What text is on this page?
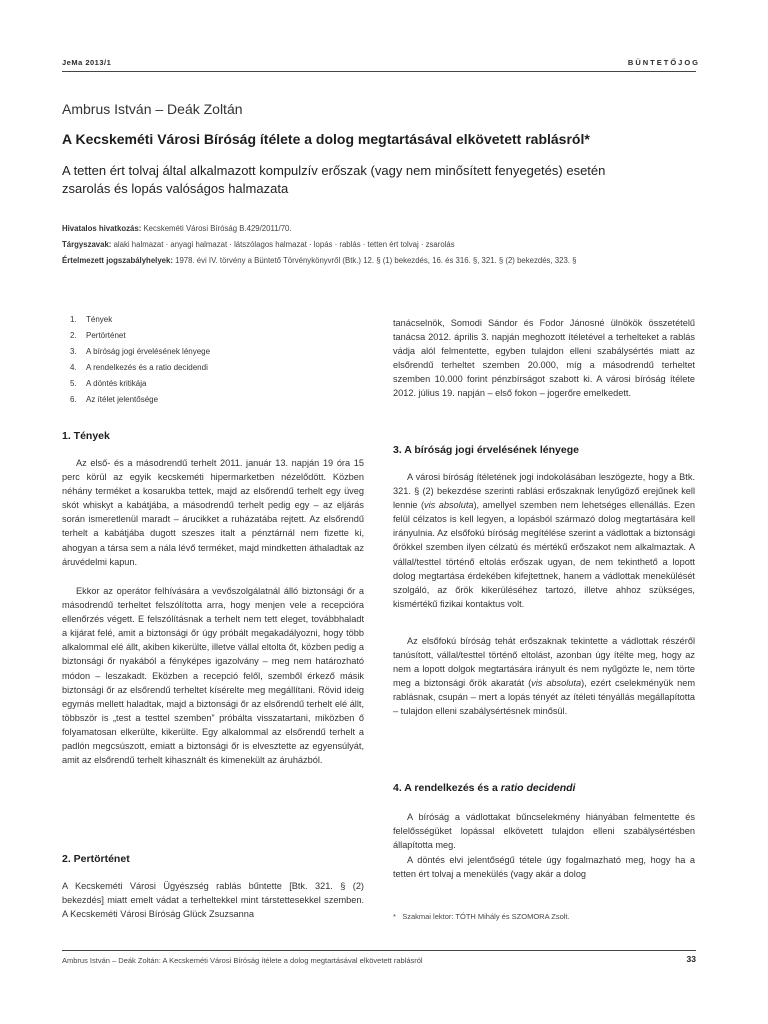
JeMa 2013/1	BÜNTETŐJOG
Ambrus István – Deák Zoltán
A Kecskeméti Városi Bíróság ítélete a dolog megtartásával elkövetett rablásról*
A tetten ért tolvaj által alkalmazott kompulzív erőszak (vagy nem minősített fenyegetés) esetén zsarolás és lopás valóságos halmazata
Hivatalos hivatkozás: Kecskeméti Városi Bíróság B.429/2011/70.
Tárgyszavak: alaki halmazat · anyagi halmazat · látszólagos halmazat · lopás · rablás · tetten ért tolvaj · zsarolás
Értelmezett jogszabályhelyek: 1978. évi IV. törvény a Büntető Törvénykönyvről (Btk.) 12. § (1) bekezdés, 16. és 316. §, 321. § (2) bekezdés, 323. §
1. Tények
2. Pertörténet
3. A bíróság jogi érvelésének lényege
4. A rendelkezés és a ratio decidendi
5. A döntés kritikája
6. Az ítélet jelentősége
1. Tények

Az első- és a másodrendű terhelt 2011. január 13. napján 19 óra 15 perc körül az egyik kecskeméti hipermarketben nézelődött. Közben néhány terméket a kosarukba tettek, majd az elsőrendű terhelt egy üveg skót whiskyt a kabátjába, a másodrendű terhelt pedig egy – az eljárás során ismeretlenül maradt – árucikket a ruházatába rejtett. Az elsőrendű terhelt a kabátjába dugott szeszes italt a pénztárnál nem fizette ki, ahogyan a társa sem a nála lévő terméket, majd mindketten áthaladtak az áruvédelmi kapun.

Ekkor az operátor felhívására a vevőszolgálatnál álló biztonsági őr a másodrendű terheltet felszólította arra, hogy menjen vele a recepcióra ellenőrzés végett. E felszólításnak a terhelt nem tett eleget, továbbhaladt a kijárat felé, amit a biztonsági őr úgy próbált megakadályozni, hogy több alkalommal elé állt, akiben kikerülte, illetve vállal eltolta őt, közben pedig a biztonsági őr nyakából a fényképes igazolvány – meg nem határozható módon – leszakadt. Eközben a recepció felől, szemből érkező másik biztonsági őr az elsőrendű terheltet kísérelte meg megállítani. Rövid ideig egymás mellett haladtak, majd a biztonsági őr az elsőrendű terhelt elé állt, többször is „test a testtel szemben” próbálta visszatartani, miközben ő folyamatosan elkerülte, kikerülte. Egy alkalommal az elsőrendű terhelt a padlón megcsúszott, emiatt a biztonsági őr is elvesztette az egyensúlyát, amit az elsőrendű terhelt kihasznált és kimenekült az áruházból.

2. Pertörténet

A Kecskeméti Városi Ügyészség rablás bűntette [Btk. 321. § (2) bekezdés] miatt emelt vádat a terheltekkel mint társtettesekkel szemben. A Kecskeméti Városi Bíróság Glück Zsuzsanna

tanácselnök, Somodi Sándor és Fodor Jánosné ülnökök összetételű tanácsa 2012. április 3. napján meghozott ítéletével a terhelteket a rablás vádja alól felmentette, egyben tulajdon elleni szabálysértés miatt az elsőrendű terheltet szemben 20.000, míg a másodrendű terheltet szemben 10.000 forint pénzbírságot szabott ki. A városi bíróság ítélete 2012. július 19. napján – első fokon – jogerőre emelkedett.

3. A bíróság jogi érvelésének lényege

A városi bíróság ítéletének jogi indokolásában leszögezte, hogy a Btk. 321. § (2) bekezdése szerinti rablási erőszaknak lenyűgöző erejűnek kell lennie (vis absoluta), amellyel szemben nem lehetséges ellenállás. Ezen felül célzatos is kell legyen, a lopásból származó dolog megtartására kell irányulnia. Az elsőfokú bíróság megítélése szerint a vádlottak a biztonsági őrökkel szemben ilyen célzatú és mértékű erőszakot nem alkalmaztak. A vállal/testtel történő eltolás erőszak ugyan, de nem tekinthető a lopott dolog megtartása érdekében kifejtettnek, hanem a vádlottak menekülését szolgáló, az őrök kikerüléséhez tartozó, illetve ahhoz szükséges, kismértékű fizikai kontaktus volt.

Az elsőfokú bíróság tehát erőszaknak tekintette a vádlottak részéről tanúsított, vállal/testtel történő eltolást, azonban úgy ítélte meg, hogy az nem a lopott dolgok megtartására irányult és nem nyűgözte le, nem törte meg a biztonsági őrök akaratát (vis absoluta), ezért cselekményük nem rablásnak, csupán – mert a lopás tényét az ítéleti tényállás megállapította – tulajdon elleni szabálysértésnek minősül.

4. A rendelkezés és a ratio decidendi

A bíróság a vádlottakat bűncselekmény hiányában felmentette és felelősségüket lopással elkövetett tulajdon elleni szabálysértésben állapította meg.

A döntés elvi jelentőségű tétele úgy fogalmazható meg, hogy ha a tetten ért tolvaj a menekülés (vagy akár a dolog

* Szakmai lektor: TÓTH Mihály és SZOMORA Zsolt.
Ambrus István – Deák Zoltán: A Kecskeméti Városi Bíróság ítélete a dolog megtartásával elkövetett rablásról	33
